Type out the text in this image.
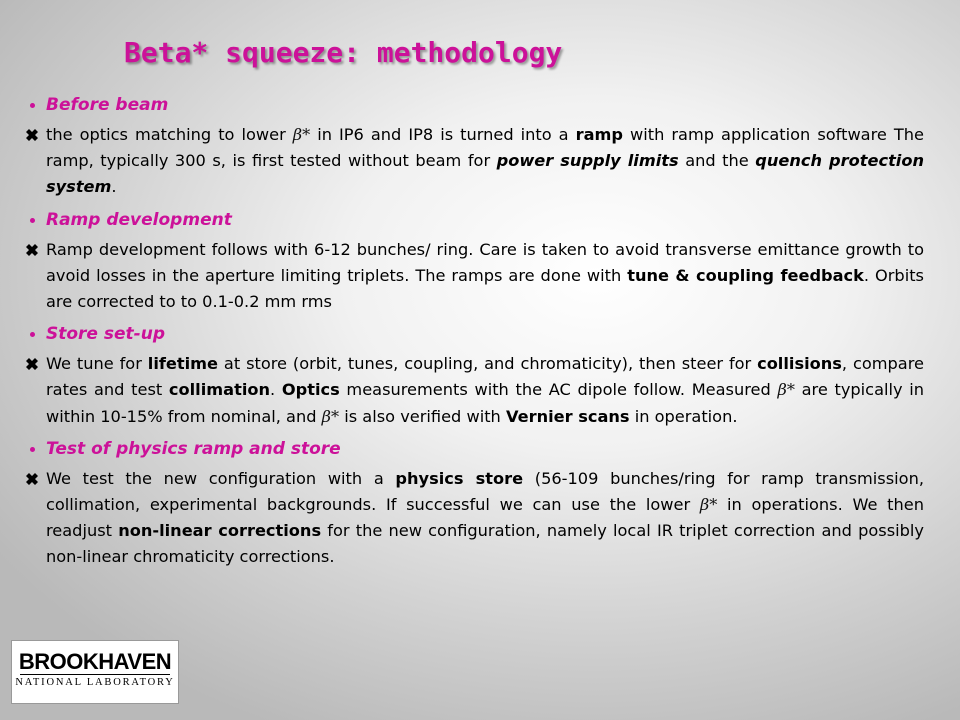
Beta* squeeze: methodology
Before beam
the optics matching to lower β* in IP6 and IP8 is turned into a ramp with ramp application software The ramp, typically 300 s, is first tested without beam for power supply limits and the quench protection system.
Ramp development
Ramp development follows with 6-12 bunches/ ring. Care is taken to avoid transverse emittance growth to avoid losses in the aperture limiting triplets. The ramps are done with tune & coupling feedback. Orbits are corrected to to 0.1-0.2 mm rms
Store set-up
We tune for lifetime at store (orbit, tunes, coupling, and chromaticity), then steer for collisions, compare rates and test collimation. Optics measurements with the AC dipole follow. Measured β* are typically in within 10-15% from nominal, and β* is also verified with Vernier scans in operation.
Test of physics ramp and store
We test the new configuration with a physics store (56-109 bunches/ring for ramp transmission, collimation, experimental backgrounds. If successful we can use the lower β* in operations. We then readjust non-linear corrections for the new configuration, namely local IR triplet correction and possibly non-linear chromaticity corrections.
BROOKHAVEN
NATIONAL LABORATORY
